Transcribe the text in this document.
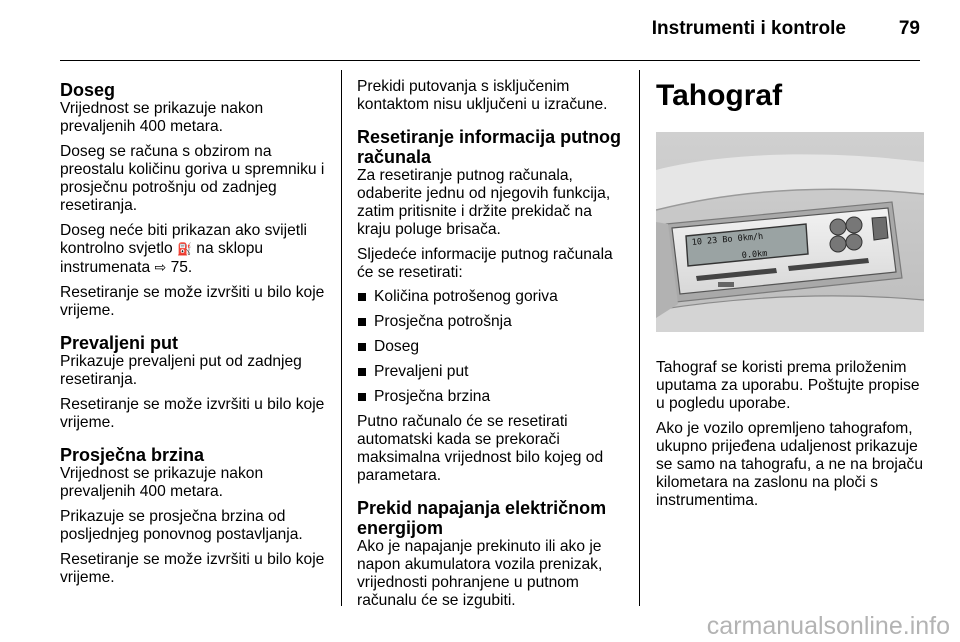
Instrumenti i kontrole	79
Doseg

Vrijednost se prikazuje nakon prevaljenih 400 metara.

Doseg se računa s obzirom na preostalu količinu goriva u spremniku i prosječnu potrošnju od zadnjeg resetiranja.

Doseg neće biti prikazan ako svijetli kontrolno svjetlo ⛽ na sklopu instrumenata ⇨ 75.

Resetiranje se može izvršiti u bilo koje vrijeme.

Prevaljeni put

Prikazuje prevaljeni put od zadnjeg resetiranja.

Resetiranje se može izvršiti u bilo koje vrijeme.

Prosječna brzina

Vrijednost se prikazuje nakon prevaljenih 400 metara.

Prikazuje se prosječna brzina od posljednjeg ponovnog postavljanja.

Resetiranje se može izvršiti u bilo koje vrijeme.

Prekidi putovanja s isključenim kontaktom nisu uključeni u izračune.

Resetiranje informacija putnog računala

Za resetiranje putnog računala, odaberite jednu od njegovih funkcija, zatim pritisnite i držite prekidač na kraju poluge brisača.

Sljedeće informacije putnog računala će se resetirati:

Količina potrošenog goriva
Prosječna potrošnja
Doseg
Prevaljeni put
Prosječna brzina

Putno računalo će se resetirati automatski kada se prekorači maksimalna vrijednost bilo kojeg od parametara.

Prekid napajanja električnom energijom

Ako je napajanje prekinuto ili ako je napon akumulatora vozila prenizak, vrijednosti pohranjene u putnom računalu će se izgubiti.

Tahograf
10 23 Bo 0km/h
0.0km

Tahograf se koristi prema priloženim uputama za uporabu. Poštujte propise u pogledu uporabe.

Ako je vozilo opremljeno tahografom, ukupno prijeđena udaljenost prikazuje se samo na tahografu, a ne na brojaču kilometara na zaslonu na ploči s instrumentima.

carmanualsonline.info
